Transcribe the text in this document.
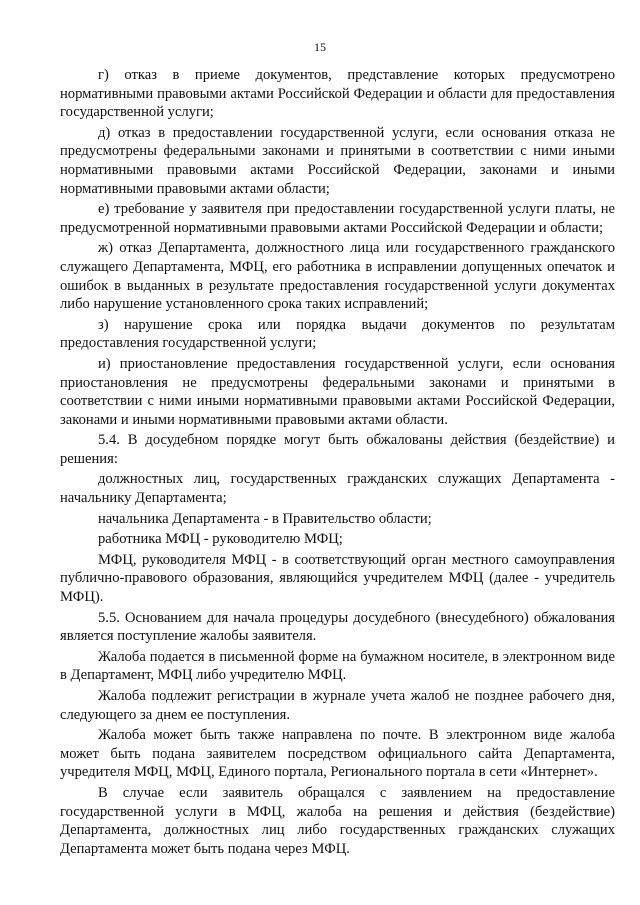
15

г) отказ в приеме документов, представление которых предусмотрено нормативными правовыми актами Российской Федерации и области для предоставления государственной услуги;

д) отказ в предоставлении государственной услуги, если основания отказа не предусмотрены федеральными законами и принятыми в соответствии с ними иными нормативными правовыми актами Российской Федерации, законами и иными нормативными правовыми актами области;

е) требование у заявителя при предоставлении государственной услуги платы, не предусмотренной нормативными правовыми актами Российской Федерации и области;

ж) отказ Департамента, должностного лица или государственного гражданского служащего Департамента, МФЦ, его работника в исправлении допущенных опечаток и ошибок в выданных в результате предоставления государственной услуги документах либо нарушение установленного срока таких исправлений;

з) нарушение срока или порядка выдачи документов по результатам предоставления государственной услуги;

и) приостановление предоставления государственной услуги, если основания приостановления не предусмотрены федеральными законами и принятыми в соответствии с ними иными нормативными правовыми актами Российской Федерации, законами и иными нормативными правовыми актами области.

5.4. В досудебном порядке могут быть обжалованы действия (бездействие) и решения:

должностных лиц, государственных гражданских служащих Департамента - начальнику Департамента;

начальника Департамента - в Правительство области;

работника МФЦ - руководителю МФЦ;

МФЦ, руководителя МФЦ - в соответствующий орган местного самоуправления публично-правового образования, являющийся учредителем МФЦ (далее - учредитель МФЦ).

5.5. Основанием для начала процедуры досудебного (внесудебного) обжалования является поступление жалобы заявителя.

Жалоба подается в письменной форме на бумажном носителе, в электронном виде в Департамент, МФЦ либо учредителю МФЦ.

Жалоба подлежит регистрации в журнале учета жалоб не позднее рабочего дня, следующего за днем ее поступления.

Жалоба может быть также направлена по почте. В электронном виде жалоба может быть подана заявителем посредством официального сайта Департамента, учредителя МФЦ, МФЦ, Единого портала, Регионального портала в сети «Интернет».

В случае если заявитель обращался с заявлением на предоставление государственной услуги в МФЦ, жалоба на решения и действия (бездействие) Департамента, должностных лиц либо государственных гражданских служащих Департамента может быть подана через МФЦ.
